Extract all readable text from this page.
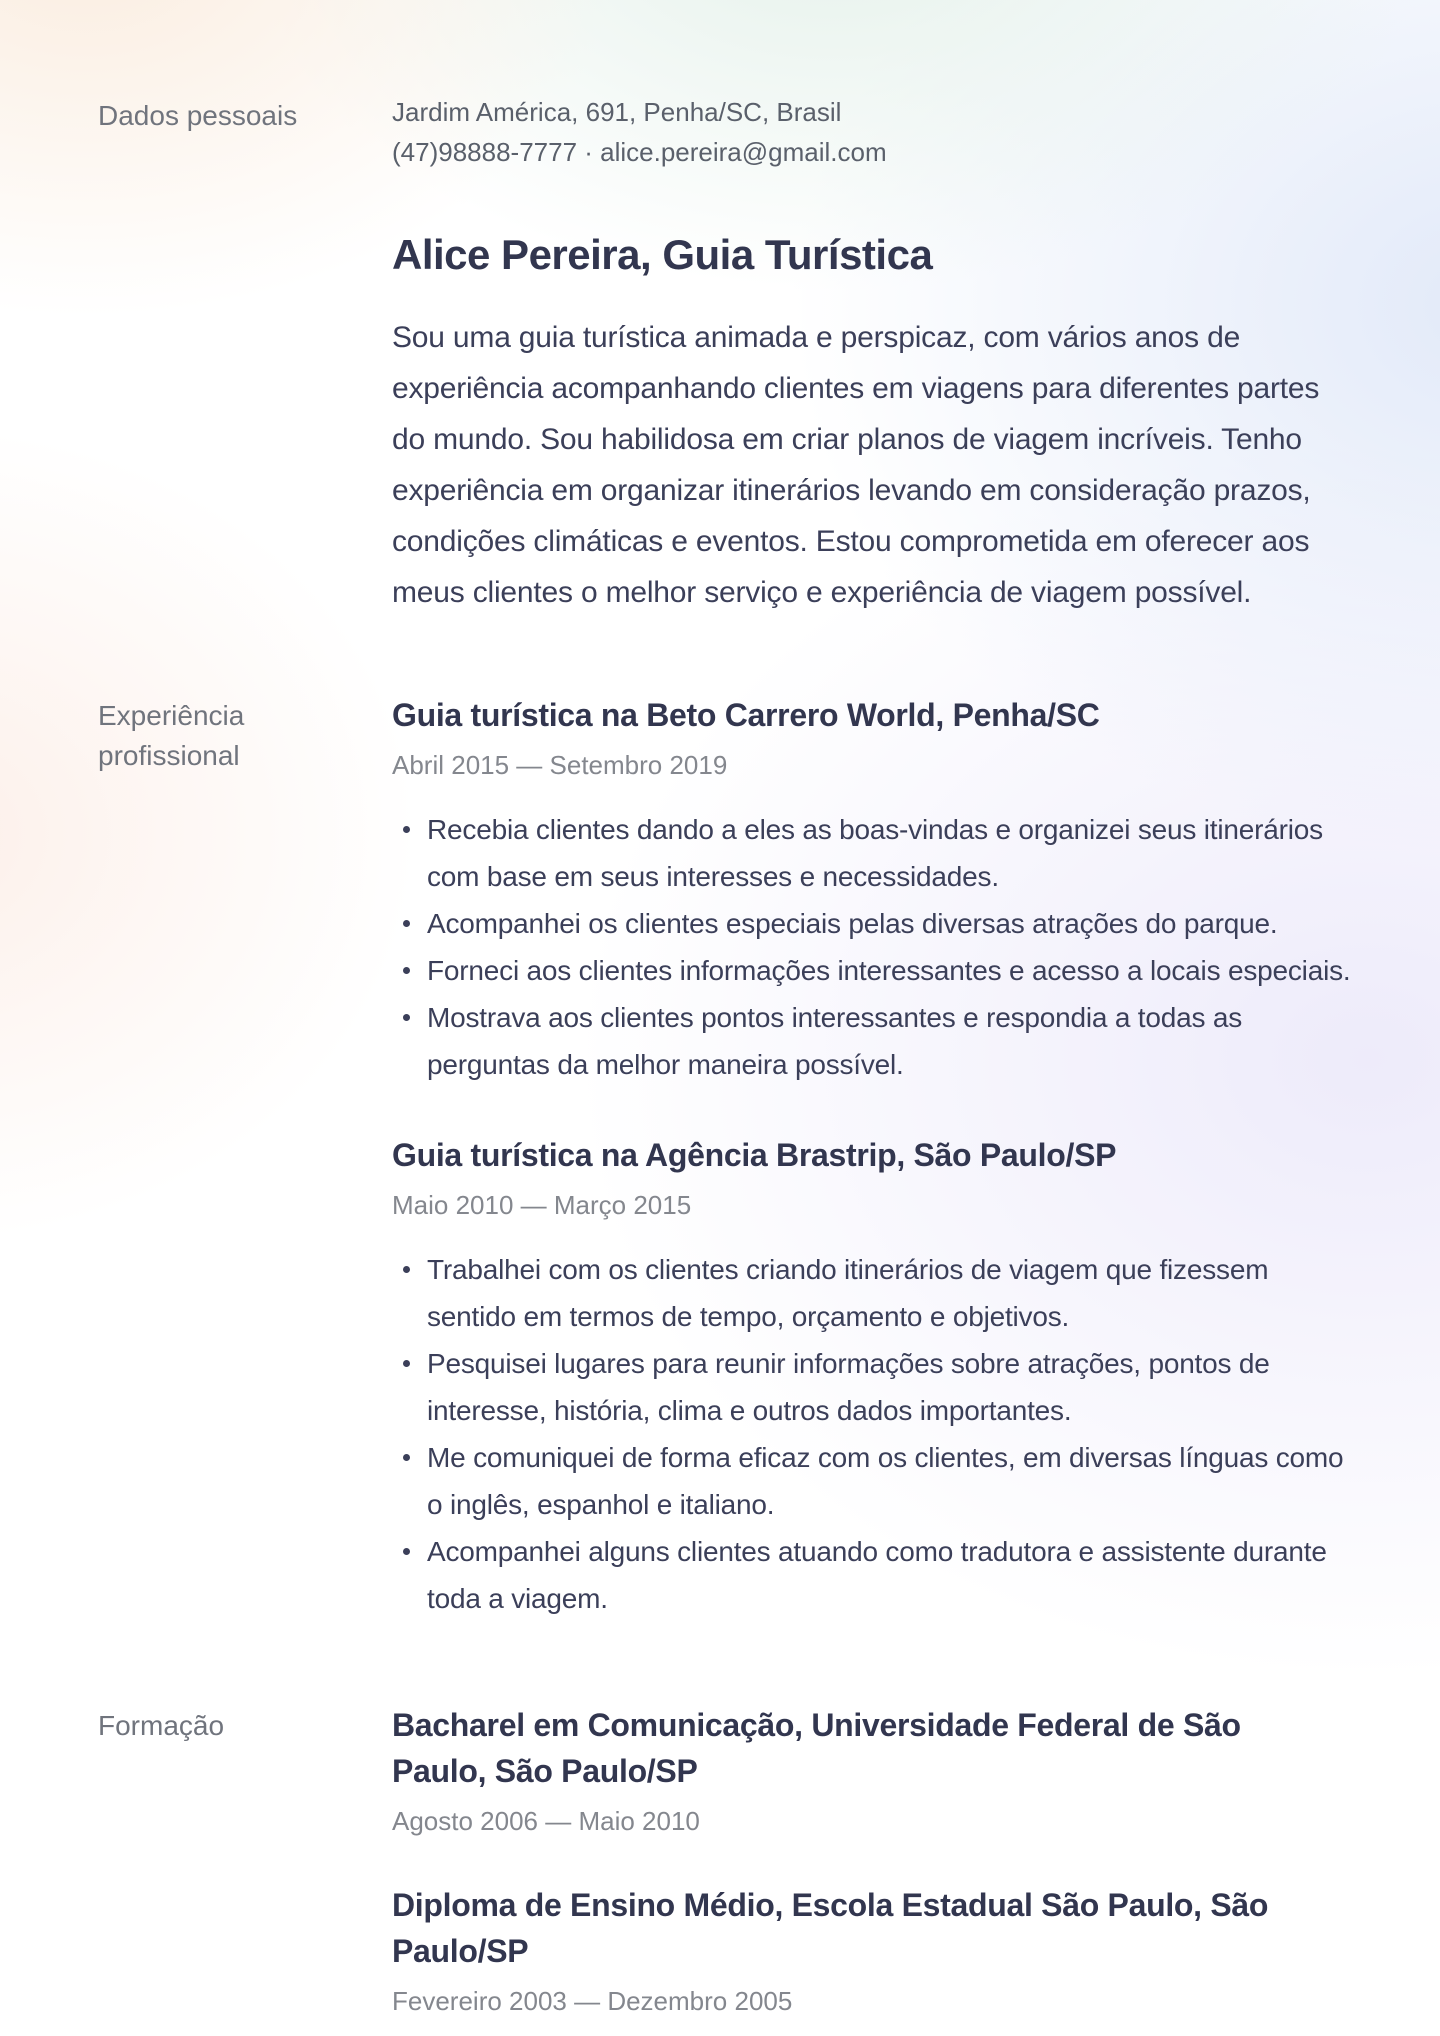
Dados pessoais	Jardim América, 691, Penha/SC, Brasil

(47)98888-7777 · alice.pereira@gmail.com

Alice Pereira, Guia Turística

Sou uma guia turística animada e perspicaz, com vários anos de experiência acompanhando clientes em viagens para diferentes partes do mundo. Sou habilidosa em criar planos de viagem incríveis. Tenho experiência em organizar itinerários levando em consideração prazos, condições climáticas e eventos. Estou comprometida em oferecer aos meus clientes o melhor serviço e experiência de viagem possível.

Experiência profissional
Guia turística na Beto Carrero World, Penha/SC

Abril 2015 — Setembro 2019

Recebia clientes dando a eles as boas-vindas e organizei seus itinerários com base em seus interesses e necessidades.
Acompanhei os clientes especiais pelas diversas atrações do parque.
Forneci aos clientes informações interessantes e acesso a locais especiais.
Mostrava aos clientes pontos interessantes e respondia a todas as perguntas da melhor maneira possível.
Guia turística na Agência Brastrip, São Paulo/SP

Maio 2010 — Março 2015

Trabalhei com os clientes criando itinerários de viagem que fizessem sentido em termos de tempo, orçamento e objetivos.
Pesquisei lugares para reunir informações sobre atrações, pontos de interesse, história, clima e outros dados importantes.
Me comuniquei de forma eficaz com os clientes, em diversas línguas como o inglês, espanhol e italiano.
Acompanhei alguns clientes atuando como tradutora e assistente durante toda a viagem.
Formação	Bacharel em Comunicação, Universidade Federal de São Paulo, São Paulo/SP

Agosto 2006 — Maio 2010

Diploma de Ensino Médio, Escola Estadual São Paulo, São Paulo/SP

Fevereiro 2003 — Dezembro 2005
